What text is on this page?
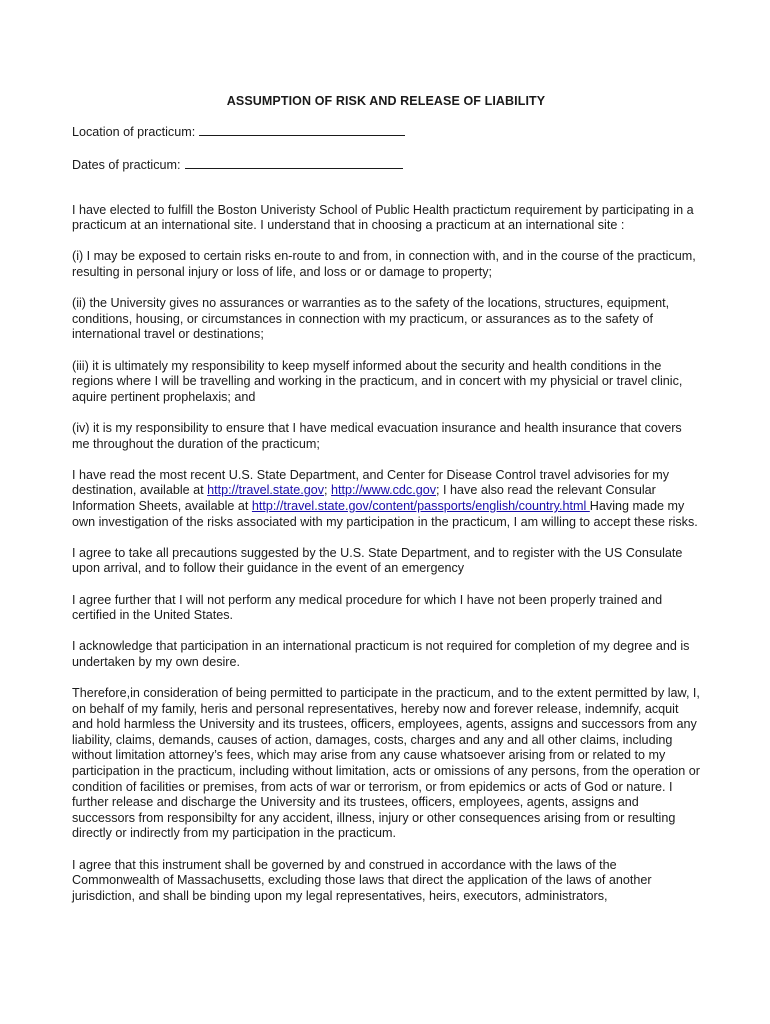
ASSUMPTION OF RISK AND RELEASE OF LIABILITY
Location of practicum:
Dates of practicum:

I have elected to fulfill the Boston Univeristy School of Public Health practictum requirement by participating in a practicum at an international site. I understand that in choosing a practicum at an international site :

(i) I may be exposed to certain risks en-route to and from, in connection with, and in the course of the practicum, resulting in personal injury or loss of life, and loss or or damage to property;

(ii) the University gives no assurances or warranties as to the safety of the locations, structures, equipment, conditions, housing, or circumstances in connection with my practicum, or assurances as to the safety of international travel or destinations;

(iii) it is ultimately my responsibility to keep myself informed about the security and health conditions in the regions where I will be travelling and working in the practicum, and in concert with my physicial or travel clinic, aquire pertinent prophelaxis; and

(iv) it is my responsibility to ensure that I have medical evacuation insurance and health insurance that covers me throughout the duration of the practicum;

I have read the most recent U.S. State Department, and Center for Disease Control travel advisories for my destination, available at http://travel.state.gov; http://www.cdc.gov; I have also read the relevant Consular Information Sheets, available at http://travel.state.gov/content/passports/english/country.html Having made my own investigation of the risks associated with my participation in the practicum, I am willing to accept these risks.

I agree to take all precautions suggested by the U.S. State Department, and to register with the US Consulate upon arrival, and to follow their guidance in the event of an emergency

I agree further that I will not perform any medical procedure for which I have not been properly trained and certified in the United States.

I acknowledge that participation in an international practicum is not required for completion of my degree and is undertaken by my own desire.

Therefore,in consideration of being permitted to participate in the practicum, and to the extent permitted by law, I, on behalf of my family, heris and personal representatives, hereby now and forever release, indemnify, acquit and hold harmless the University and its trustees, officers, employees, agents, assigns and successors from any liability, claims, demands, causes of action, damages, costs, charges and any and all other claims, including without limitation attorney’s fees, which may arise from any cause whatsoever arising from or related to my participation in the practicum, including without limitation, acts or omissions of any persons, from the operation or condition of facilities or premises, from acts of war or terrorism, or from epidemics or acts of God or nature. I further release and discharge the University and its trustees, officers, employees, agents, assigns and successors from responsibilty for any accident, illness, injury or other consequences arising from or resulting directly or indirectly from my participation in the practicum.

I agree that this instrument shall be governed by and construed in accordance with the laws of the Commonwealth of Massachusetts, excluding those laws that direct the application of the laws of another jurisdiction, and shall be binding upon my legal representatives, heirs, executors, administrators,
